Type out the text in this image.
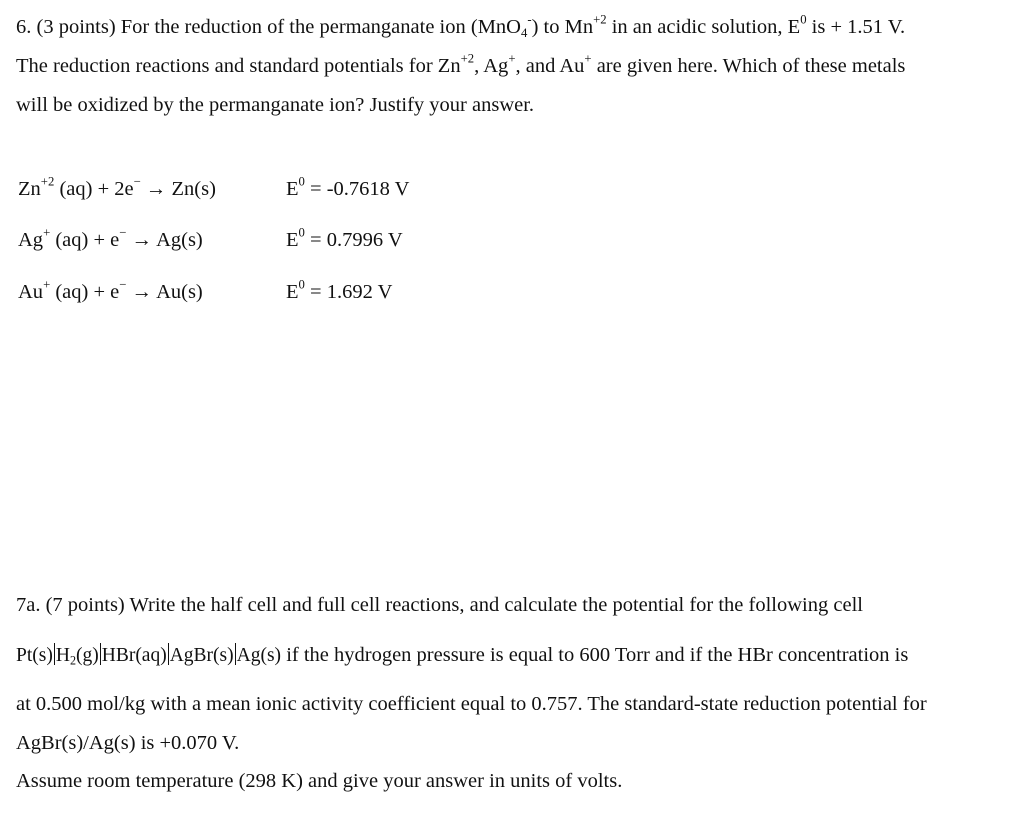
6. (3 points) For the reduction of the permanganate ion (MnO$_4$-) to $Mn^{+2}$ in an acidic solution, $E^0$ is + 1.51 V.
The reduction reactions and standard potentials for $Zn^{+2}$, Ag+, and Au+ are given here. Which of these metals
will be oxidized by the permanganate ion? Justify your answer.
$Zn^{+2}$ (aq) + 2e− → Zn(s)	$E^0 = -0.7618$ V
Ag+ (aq) + e− → Ag(s)	$E^0 = 0.7996$ V
Au+ (aq) + e− → Au(s)	$E^0 = 1.692$ V
7a. (7 points) Write the half cell and full cell reactions, and calculate the potential for the following cell
Pt(s) $H_2(g)$ HBr(aq) AgBr(s) Ag(s) if the hydrogen pressure is equal to 600 Torr and if the HBr concentration is
at 0.500 mol/kg with a mean ionic activity coefficient equal to 0.757. The standard-state reduction potential for
AgBr(s)/Ag(s) is +0.070 V.
Assume room temperature (298 K) and give your answer in units of volts.
